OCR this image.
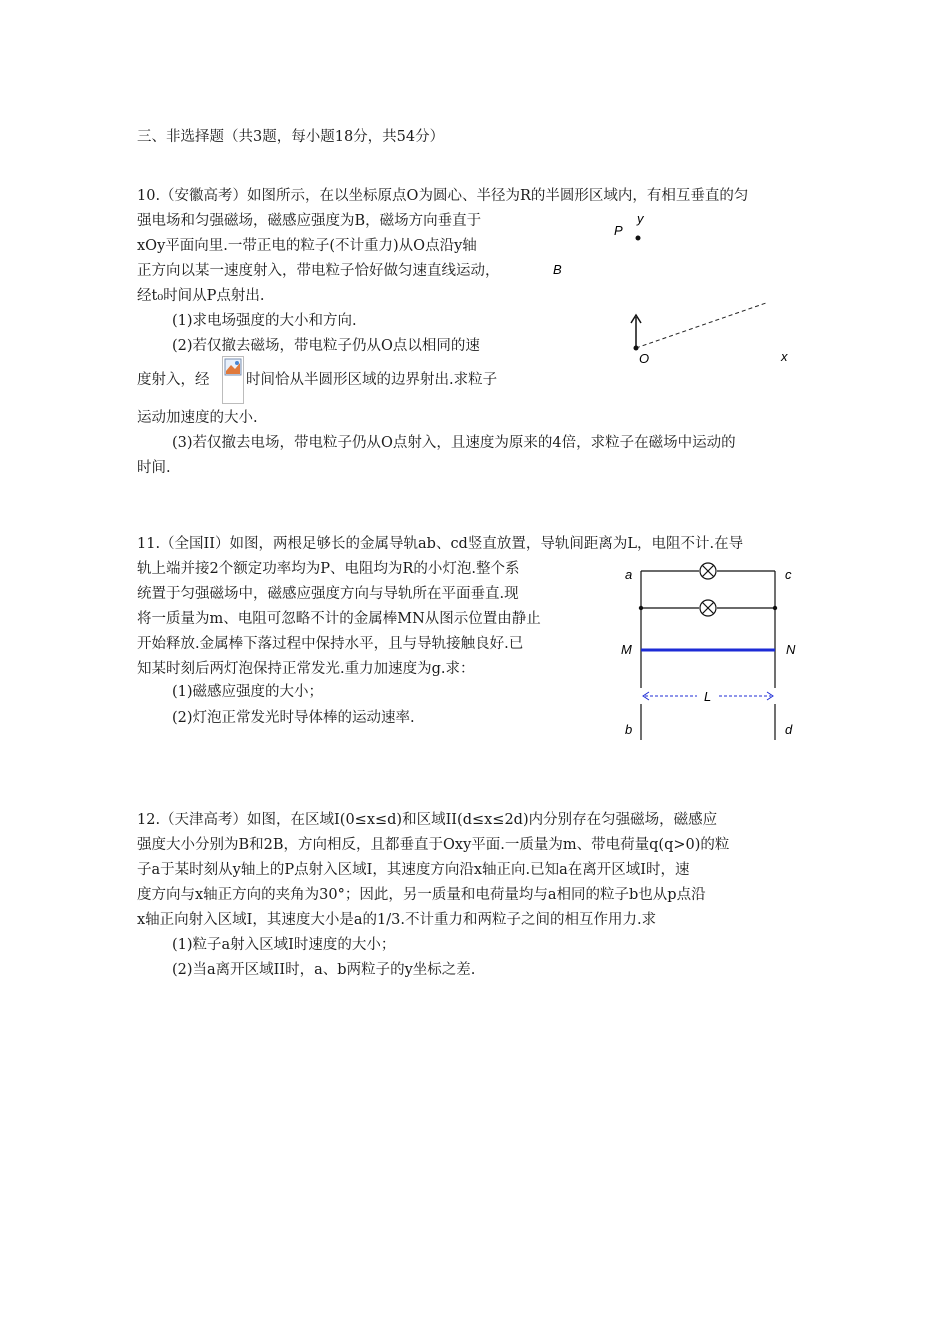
三、非选择题（共3题，每小题18分，共54分）
10.（安徽高考）如图所示，在以坐标原点O为圆心、半径为R的半圆形区域内，有相互垂直的匀
强电场和匀强磁场，磁感应强度为B，磁场方向垂直于
xOy平面向里.一带正电的粒子(不计重力)从O点沿y轴
正方向以某一速度射入，带电粒子恰好做匀速直线运动，
经t₀时间从P点射出.
(1)求电场强度的大小和方向.
(2)若仅撤去磁场，带电粒子仍从O点以相同的速
度射入，经	时间恰从半圆形区域的边界射出.求粒子
运动加速度的大小.
(3)若仅撤去电场，带电粒子仍从O点射入，且速度为原来的4倍，求粒子在磁场中运动的
时间.
P
y
B
O	x
11.（全国II）如图，两根足够长的金属导轨ab、cd竖直放置，导轨间距离为L，电阻不计.在导
轨上端并接2个额定功率均为P、电阻均为R的小灯泡.整个系
统置于匀强磁场中，磁感应强度方向与导轨所在平面垂直.现
将一质量为m、电阻可忽略不计的金属棒MN从图示位置由静止
开始释放.金属棒下落过程中保持水平，且与导轨接触良好.已
知某时刻后两灯泡保持正常发光.重力加速度为g.求：
(1)磁感应强度的大小；
(2)灯泡正常发光时导体棒的运动速率.
a	c
M	N
L
b	d
12.（天津高考）如图，在区域I(0≤x≤d)和区域II(d≤x≤2d)内分别存在匀强磁场，磁感应
强度大小分别为B和2B，方向相反，且都垂直于Oxy平面.一质量为m、带电荷量q(q>0)的粒
子a于某时刻从y轴上的P点射入区域I，其速度方向沿x轴正向.已知a在离开区域I时，速
度方向与x轴正方向的夹角为30°；因此，另一质量和电荷量均与a相同的粒子b也从p点沿
x轴正向射入区域I，其速度大小是a的1/3.不计重力和两粒子之间的相互作用力.求
(1)粒子a射入区域I时速度的大小；
(2)当a离开区域II时，a、b两粒子的y坐标之差.
